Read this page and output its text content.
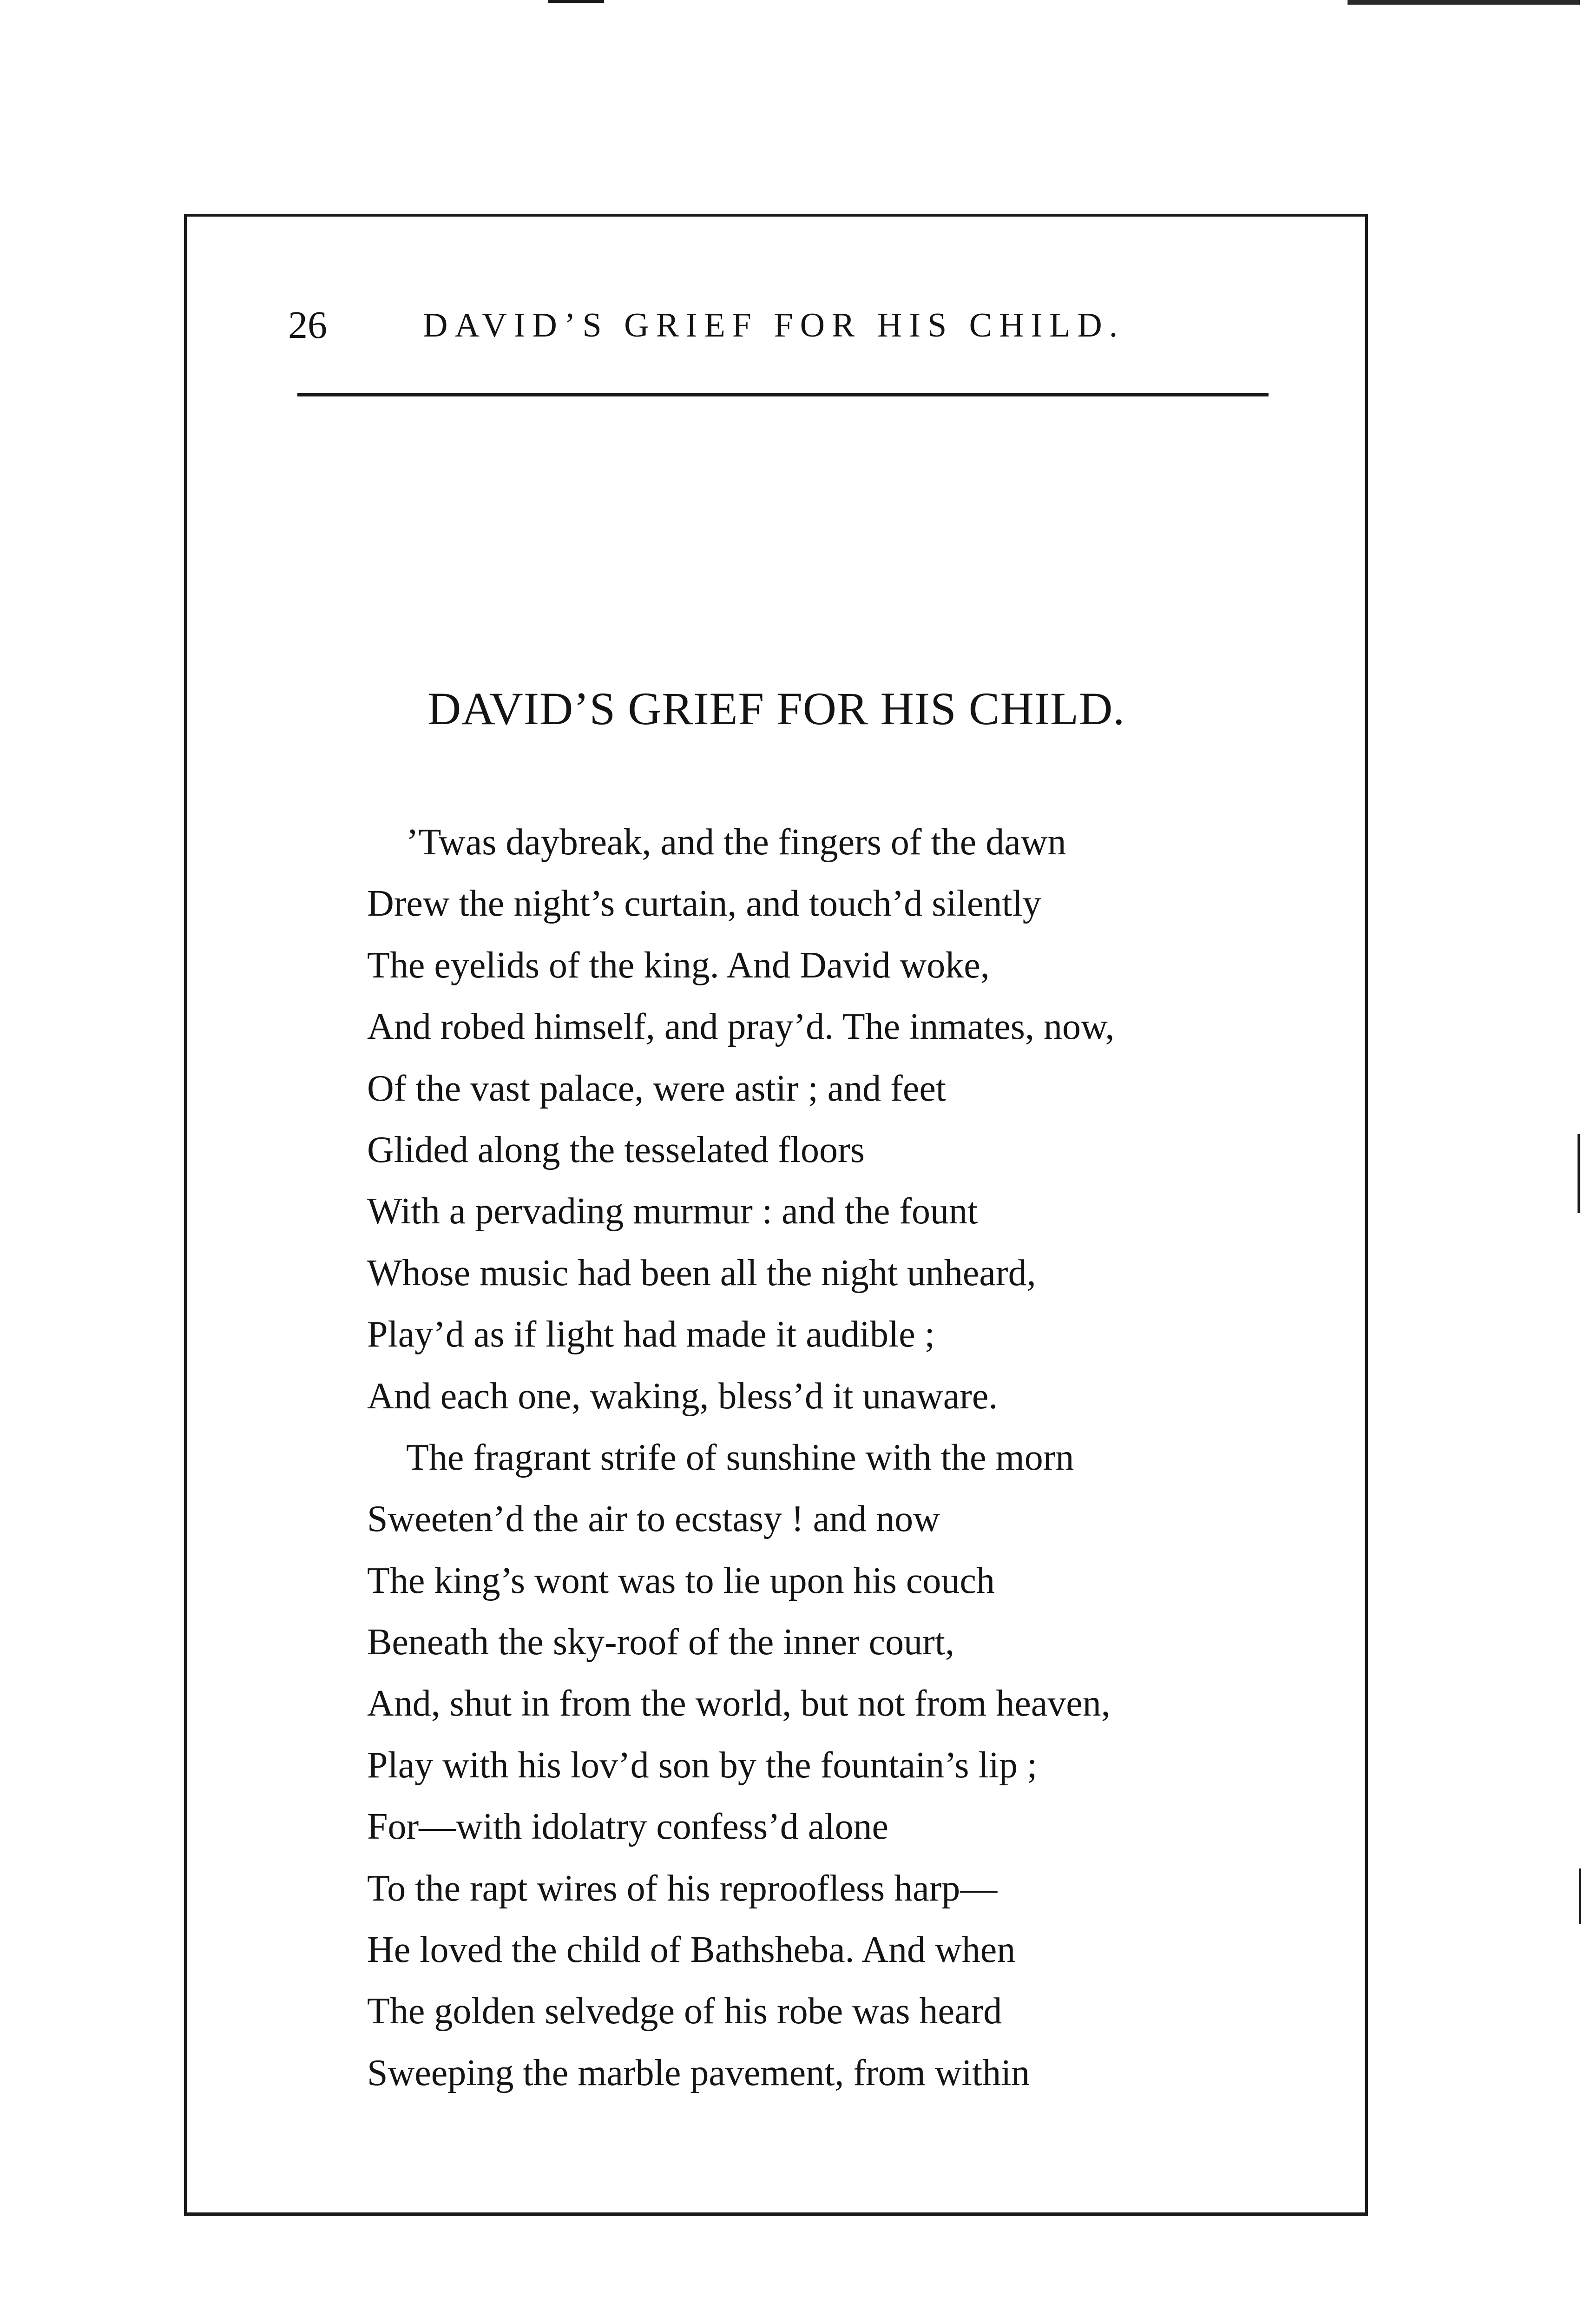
26	DAVID’S GRIEF FOR HIS CHILD.
DAVID’S GRIEF FOR HIS CHILD.
’Twas daybreak, and the fingers of the dawn
Drew the night’s curtain, and touch’d silently
The eyelids of the king. And David woke,
And robed himself, and pray’d. The inmates, now,
Of the vast palace, were astir ; and feet
Glided along the tesselated floors
With a pervading murmur : and the fount
Whose music had been all the night unheard,
Play’d as if light had made it audible ;
And each one, waking, bless’d it unaware.
The fragrant strife of sunshine with the morn
Sweeten’d the air to ecstasy ! and now
The king’s wont was to lie upon his couch
Beneath the sky-roof of the inner court,
And, shut in from the world, but not from heaven,
Play with his lov’d son by the fountain’s lip ;
For—with idolatry confess’d alone
To the rapt wires of his reproofless harp—
He loved the child of Bathsheba. And when
The golden selvedge of his robe was heard
Sweeping the marble pavement, from within
